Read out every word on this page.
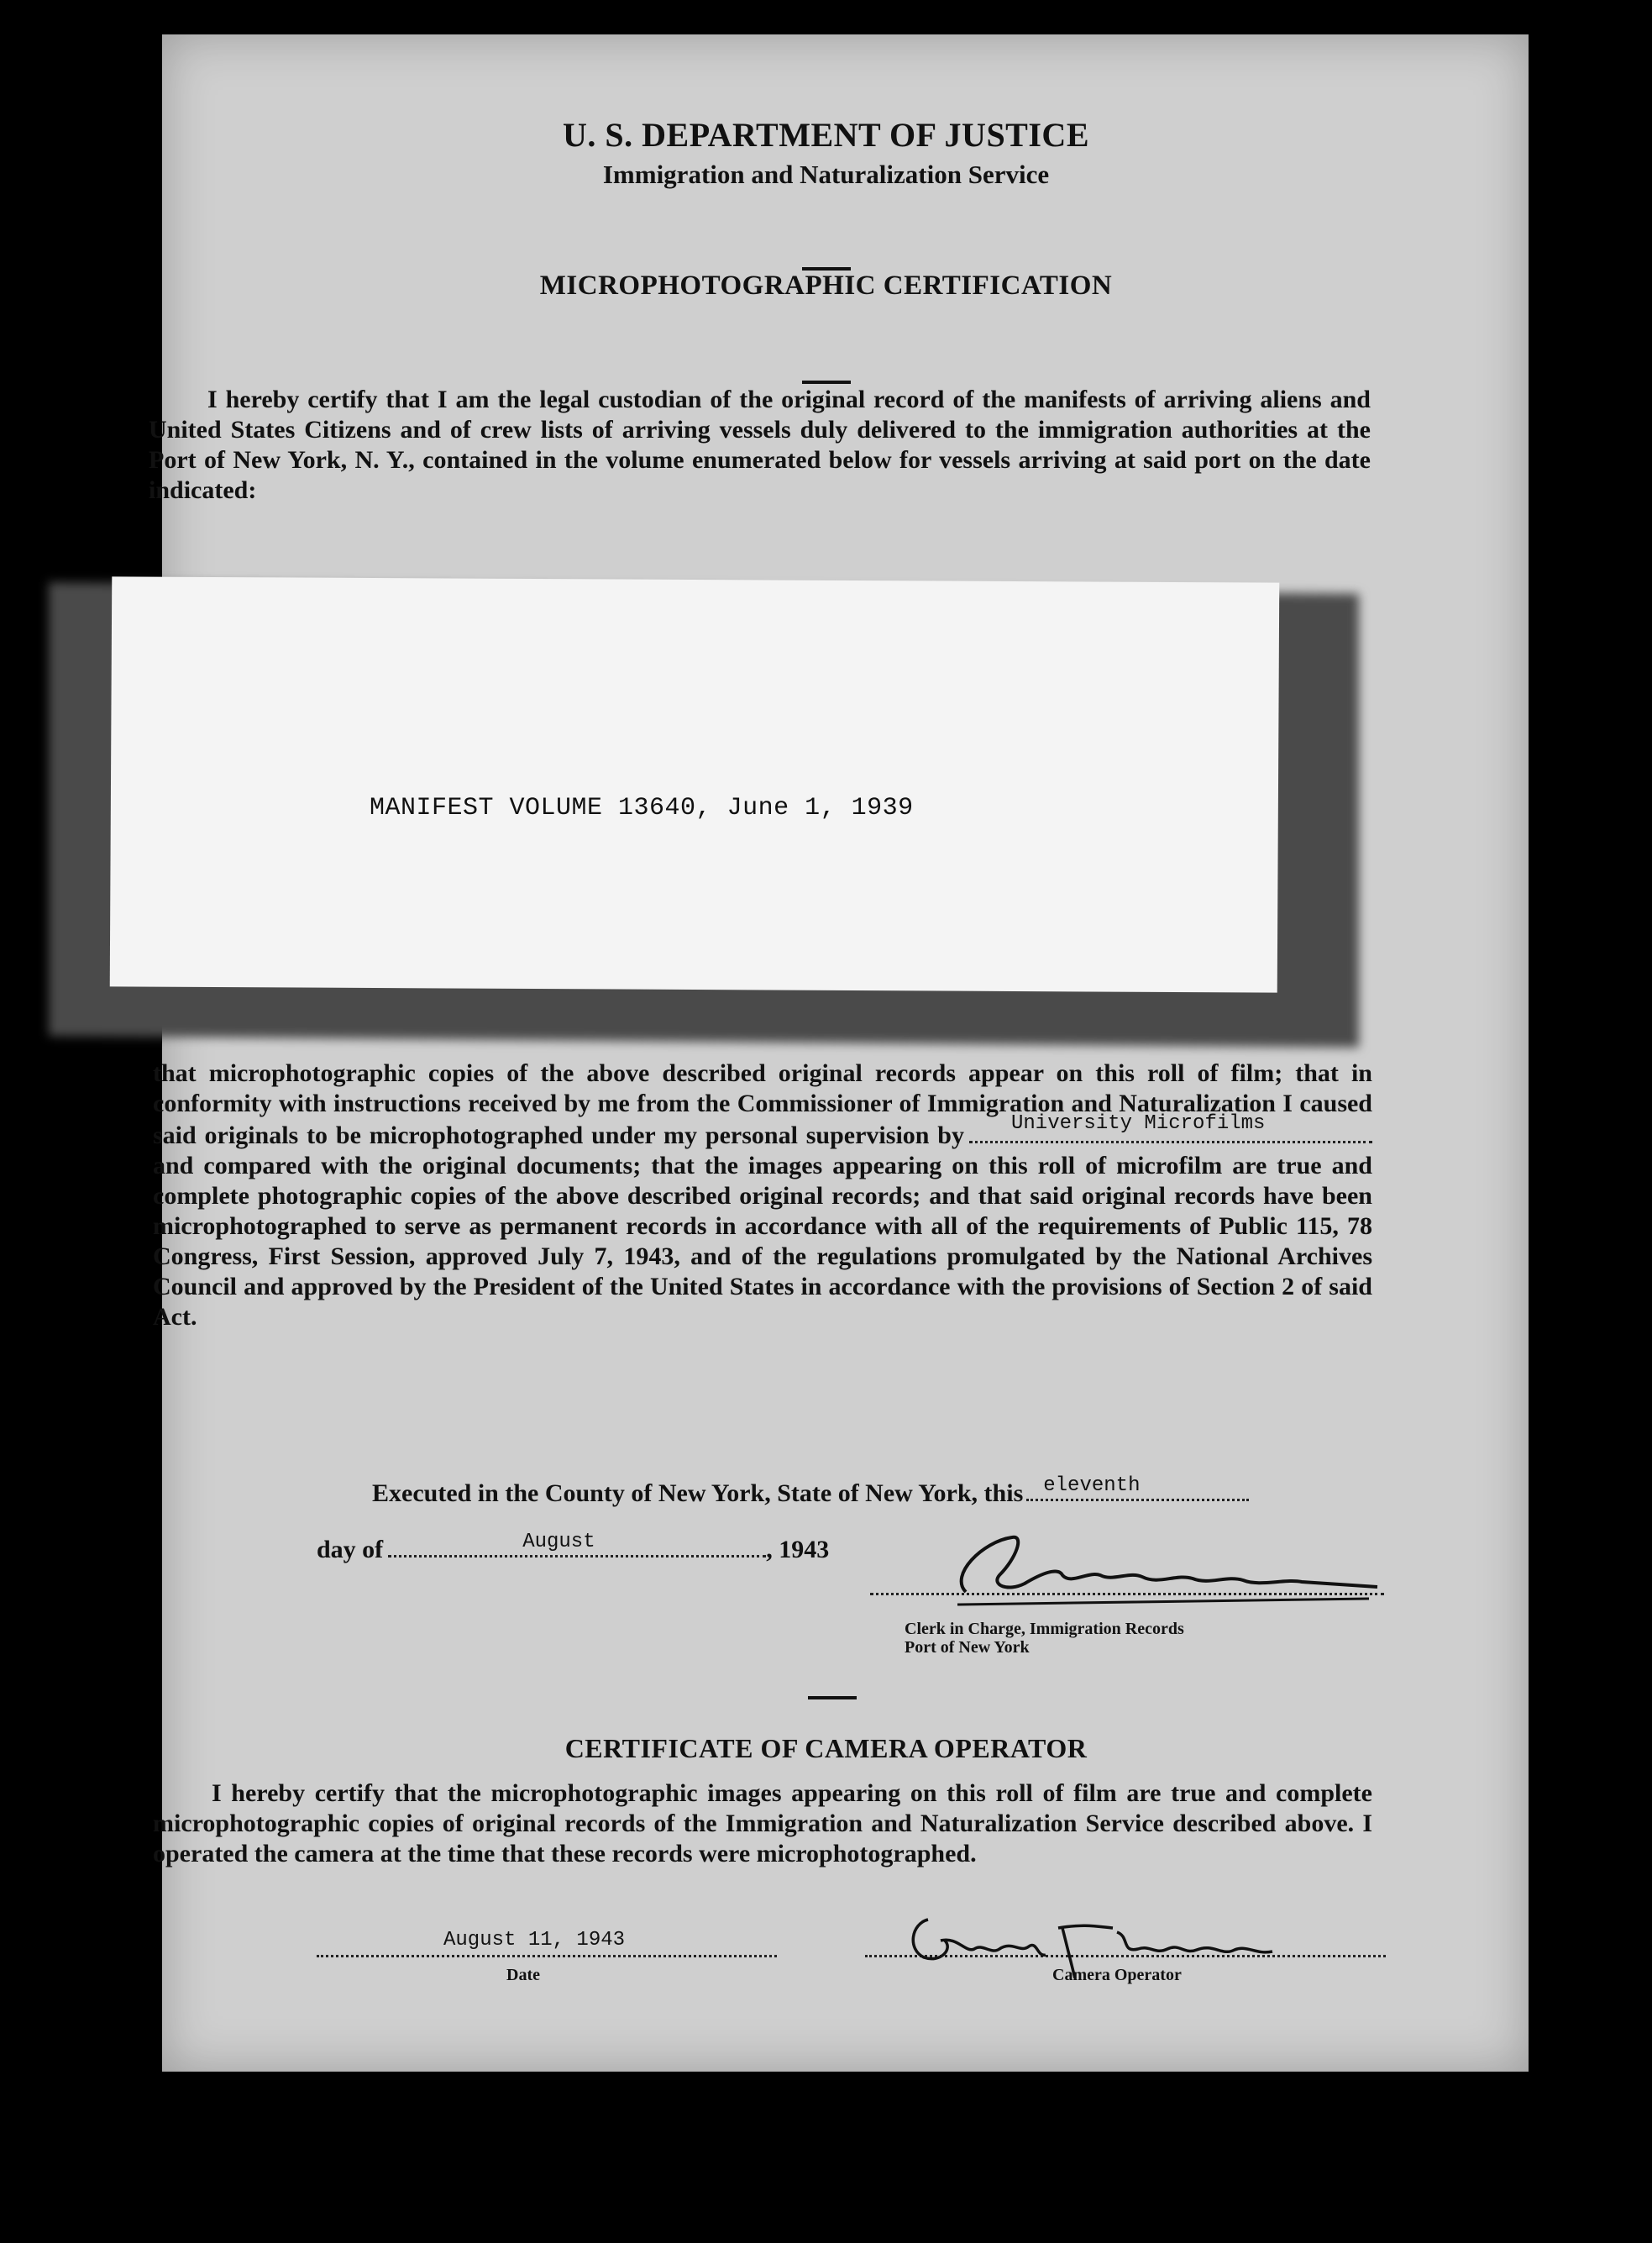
U. S. DEPARTMENT OF JUSTICE
Immigration and Naturalization Service
MICROPHOTOGRAPHIC CERTIFICATION
I hereby certify that I am the legal custodian of the original record of the manifests of arriving aliens and United States Citizens and of crew lists of arriving vessels duly delivered to the immigration authorities at the Port of New York, N. Y., contained in the volume enumerated below for vessels arriving at said port on the date indicated:
MANIFEST VOLUME 13640, June 1, 1939
that microphotographic copies of the above described original records appear on this roll of film; that in conformity with instructions received by me from the Commissioner of Immigration and Naturalization I caused said originals to be microphotographed under my personal supervision by University Microfilms
and compared with the original documents; that the images appearing on this roll of microfilm are true and complete photographic copies of the above described original records; and that said original records have been microphotographed to serve as permanent records in accordance with all of the requirements of Public 115, 78 Congress, First Session, approved July 7, 1943, and of the regulations promulgated by the National Archives Council and approved by the President of the United States in accordance with the provisions of Section 2 of said Act.
Executed in the County of New York, State of New York, this eleventh
day of	August	, 1943
Clerk in Charge, Immigration Records
Port of New York
CERTIFICATE OF CAMERA OPERATOR
I hereby certify that the microphotographic images appearing on this roll of film are true and complete microphotographic copies of original records of the Immigration and Naturalization Service described above. I operated the camera at the time that these records were microphotographed.
August 11, 1943
Date	Camera Operator
